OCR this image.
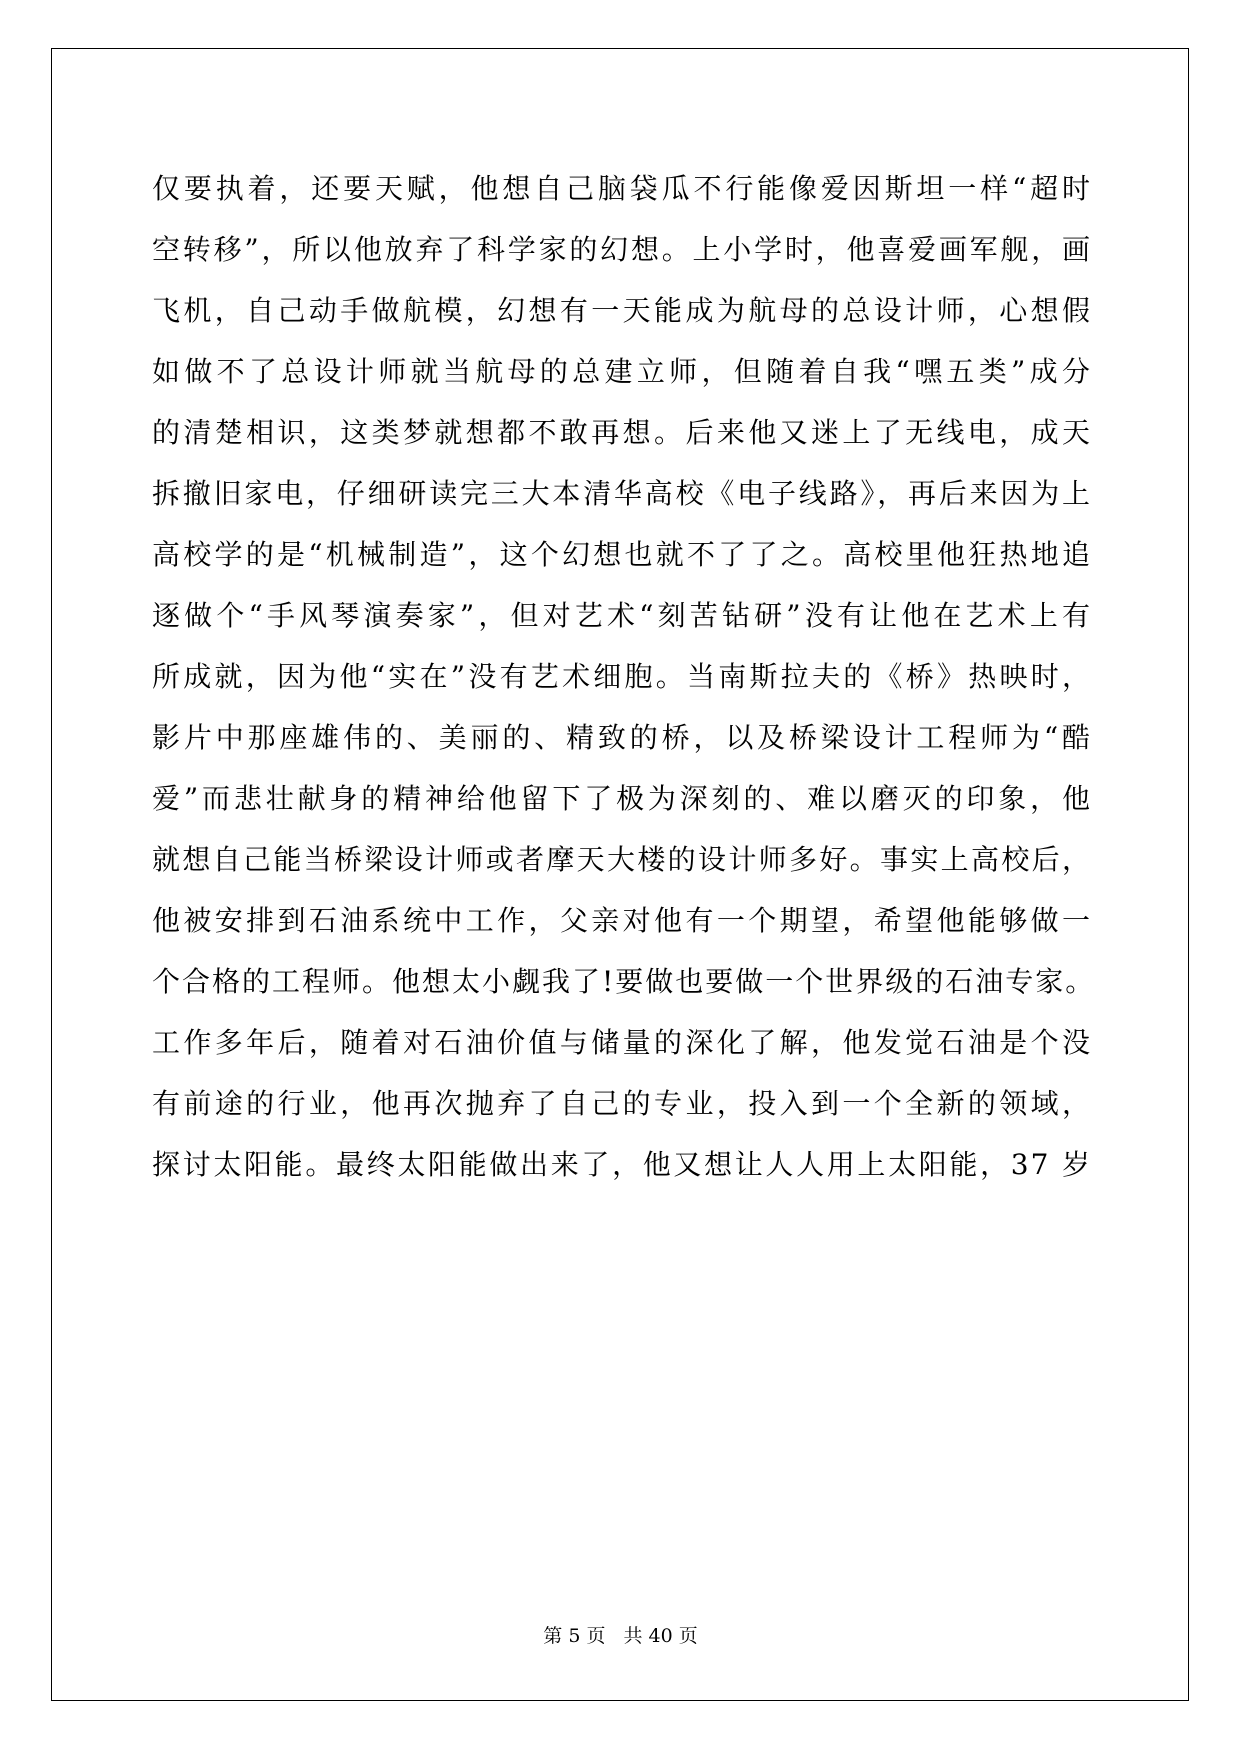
仅要执着，还要天赋，他想自己脑袋瓜不行能像爱因斯坦一样“超时
空转移”，所以他放弃了科学家的幻想。上小学时，他喜爱画军舰，画
飞机，自己动手做航模，幻想有一天能成为航母的总设计师，心想假
如做不了总设计师就当航母的总建立师，但随着自我“嘿五类”成分
的清楚相识，这类梦就想都不敢再想。后来他又迷上了无线电，成天
拆撤旧家电，仔细研读完三大本清华高校《电子线路》，再后来因为上
高校学的是“机械制造”，这个幻想也就不了了之。高校里他狂热地追
逐做个“手风琴演奏家”，但对艺术“刻苦钻研”没有让他在艺术上有
所成就，因为他“实在”没有艺术细胞。当南斯拉夫的《桥》热映时，
影片中那座雄伟的、美丽的、精致的桥，以及桥梁设计工程师为“酷
爱”而悲壮献身的精神给他留下了极为深刻的、难以磨灭的印象，他
就想自己能当桥梁设计师或者摩天大楼的设计师多好。事实上高校后，
他被安排到石油系统中工作，父亲对他有一个期望，希望他能够做一
个合格的工程师。他想太小觑我了!要做也要做一个世界级的石油专家。
工作多年后，随着对石油价值与储量的深化了解，他发觉石油是个没
有前途的行业，他再次抛弃了自己的专业，投入到一个全新的领域，
探讨太阳能。最终太阳能做出来了，他又想让人人用上太阳能，37 岁
第 5 页 共 40 页
